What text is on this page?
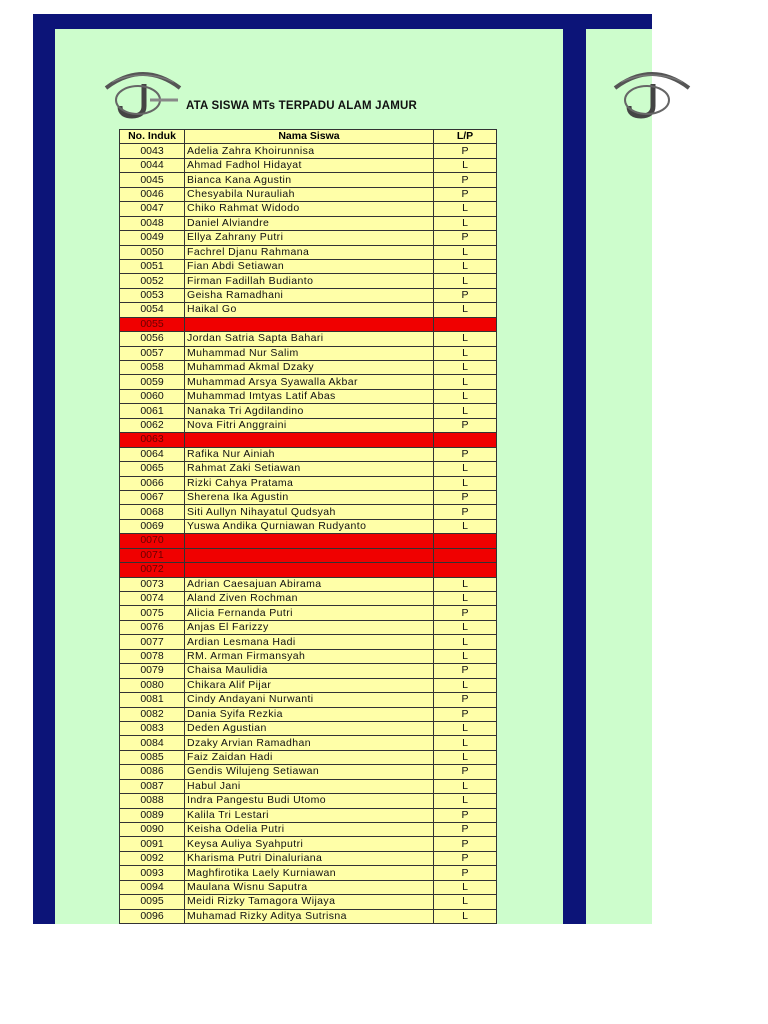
ATA SISWA MTs TERPADU ALAM JAMUR
No. Induk	Nama Siswa	L/P
0043	Adelia Zahra Khoirunnisa	P
0044	Ahmad Fadhol Hidayat	L
0045	Bianca Kana Agustin	P
0046	Chesyabila Nurauliah	P
0047	Chiko Rahmat Widodo	L
0048	Daniel Alviandre	L
0049	Ellya Zahrany Putri	P
0050	Fachrel Djanu Rahmana	L
0051	Fian Abdi Setiawan	L
0052	Firman Fadillah Budianto	L
0053	Geisha Ramadhani	P
0054	Haikal Go	L
0055		
0056	Jordan Satria Sapta Bahari	L
0057	Muhammad Nur Salim	L
0058	Muhammad Akmal Dzaky	L
0059	Muhammad Arsya Syawalla Akbar	L
0060	Muhammad Imtyas Latif Abas	L
0061	Nanaka Tri Agdilandino	L
0062	Nova Fitri Anggraini	P
0063		
0064	Rafika Nur Ainiah	P
0065	Rahmat Zaki Setiawan	L
0066	Rizki Cahya Pratama	L
0067	Sherena Ika Agustin	P
0068	Siti Aullyn Nihayatul Qudsyah	P
0069	Yuswa Andika Qurniawan Rudyanto	L
0070		
0071		
0072		
0073	Adrian Caesajuan Abirama	L
0074	Aland Ziven Rochman	L
0075	Alicia Fernanda Putri	P
0076	Anjas El Farizzy	L
0077	Ardian Lesmana Hadi	L
0078	RM. Arman Firmansyah	L
0079	Chaisa Maulidia	P
0080	Chikara Alif Pijar	L
0081	Cindy Andayani Nurwanti	P
0082	Dania Syifa Rezkia	P
0083	Deden Agustian	L
0084	Dzaky Arvian Ramadhan	L
0085	Faiz Zaidan Hadi	L
0086	Gendis Wilujeng Setiawan	P
0087	Habul Jani	L
0088	Indra Pangestu Budi Utomo	L
0089	Kalila Tri Lestari	P
0090	Keisha Odelia Putri	P
0091	Keysa Auliya Syahputri	P
0092	Kharisma Putri Dinaluriana	P
0093	Maghfirotika Laely Kurniawan	P
0094	Maulana Wisnu Saputra	L
0095	Meidi Rizky Tamagora Wijaya	L
0096	Muhamad Rizky Aditya Sutrisna	L
